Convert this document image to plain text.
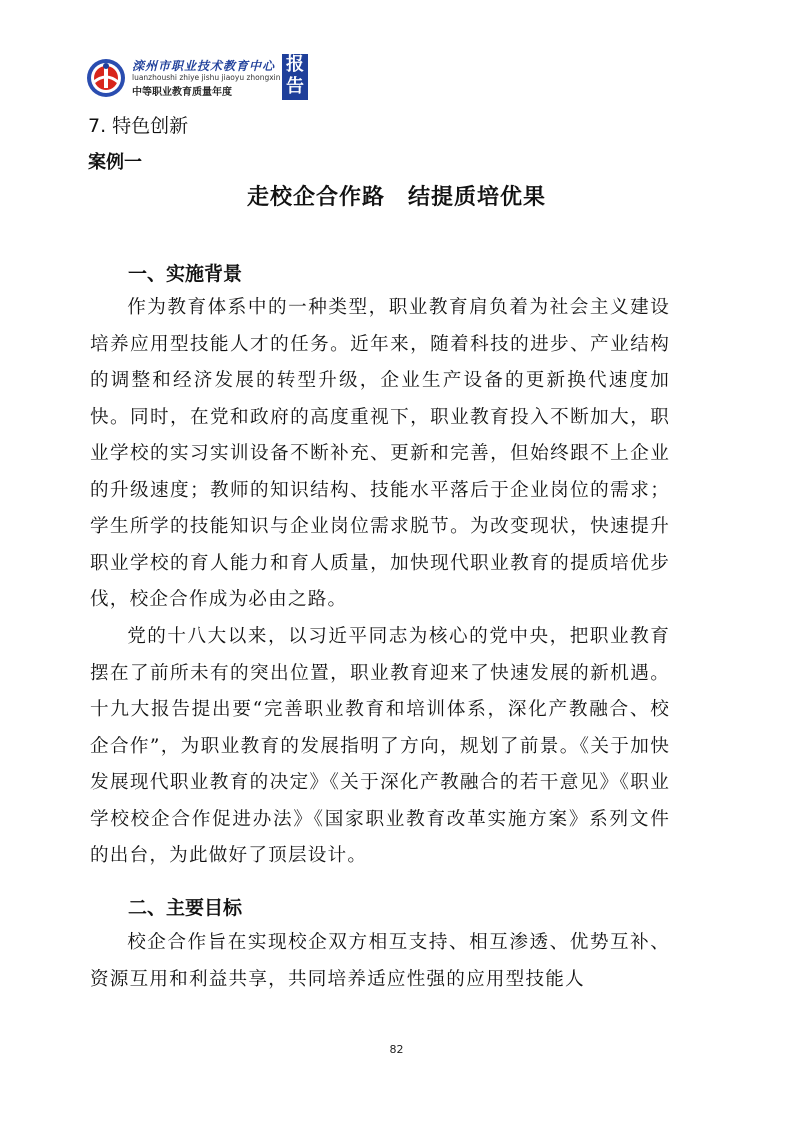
滦州市职业技术教育中心
luanzhoushi zhiye jishu jiaoyu zhongxin
中等职业教育质量年度
报
告
7. 特色创新
案例一
走校企合作路　结提质培优果
一、实施背景

作为教育体系中的一种类型，职业教育肩负着为社会主义建设培养应用型技能人才的任务。近年来，随着科技的进步、产业结构的调整和经济发展的转型升级，企业生产设备的更新换代速度加快。同时，在党和政府的高度重视下，职业教育投入不断加大，职业学校的实习实训设备不断补充、更新和完善，但始终跟不上企业的升级速度；教师的知识结构、技能水平落后于企业岗位的需求；学生所学的技能知识与企业岗位需求脱节。为改变现状，快速提升职业学校的育人能力和育人质量，加快现代职业教育的提质培优步伐，校企合作成为必由之路。

党的十八大以来，以习近平同志为核心的党中央，把职业教育摆在了前所未有的突出位置，职业教育迎来了快速发展的新机遇。十九大报告提出要“完善职业教育和培训体系，深化产教融合、校企合作”，为职业教育的发展指明了方向，规划了前景。《关于加快发展现代职业教育的决定》《关于深化产教融合的若干意见》《职业学校校企合作促进办法》《国家职业教育改革实施方案》系列文件的出台，为此做好了顶层设计。

二、主要目标

校企合作旨在实现校企双方相互支持、相互渗透、优势互补、资源互用和利益共享，共同培养适应性强的应用型技能人

82
